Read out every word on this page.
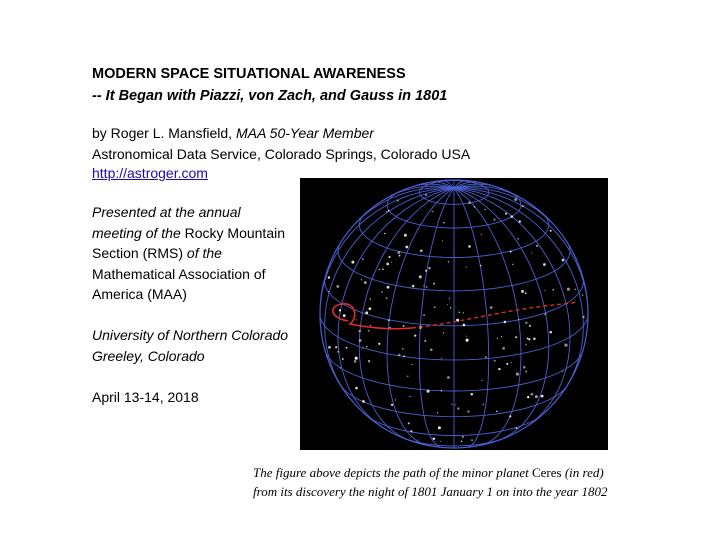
MODERN SPACE SITUATIONAL AWARENESS
-- It Began with Piazzi, von Zach, and Gauss in 1801
by Roger L. Mansfield, MAA 50-Year Member
Astronomical Data Service, Colorado Springs, Colorado USA
http://astroger.com

Presented at the annual meeting of the Rocky Mountain Section (RMS) of the Mathematical Association of America (MAA)

University of Northern Colorado

Greeley, Colorado

April 13-14, 2018

The figure above depicts the path of the minor planet Ceres (in red)
from its discovery the night of 1801 January 1 on into the year 1802
